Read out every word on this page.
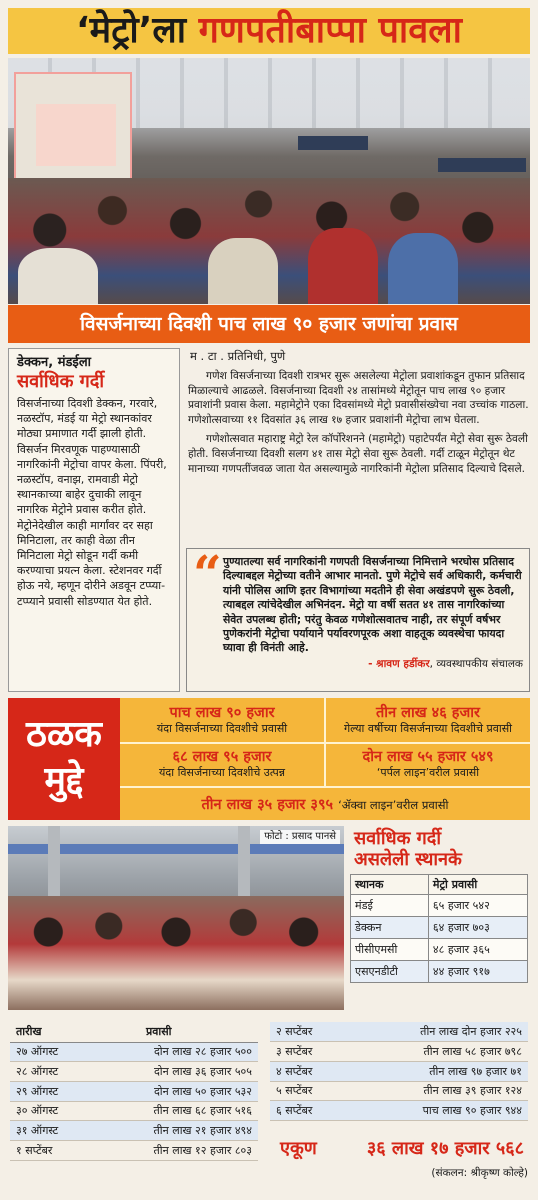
‘मेट्रो’ला गणपतीबाप्पा पावला
विसर्जनाच्या दिवशी पाच लाख ९० हजार जणांचा प्रवास
डेक्कन, मंडईला
सर्वाधिक गर्दी
विसर्जनाच्या दिवशी डेक्कन, गरवारे, नळस्टॉप, मंडई या मेट्रो स्थानकांवर मोठ्या प्रमाणात गर्दी झाली होती. विसर्जन मिरवणूक पाहण्यासाठी नागरिकांनी मेट्रोचा वापर केला. पिंपरी, नळस्टॉप, वनाझ, रामवाडी मेट्रो स्थानकाच्या बाहेर दुचाकी लावून नागरिक मेट्रोने प्रवास करीत होते. मेट्रोनेदेखील काही मार्गांवर दर सहा मिनिटाला, तर काही वेळा तीन मिनिटाला मेट्रो सोडून गर्दी कमी करण्याचा प्रयत्न केला. स्टेशनवर गर्दी होऊ नये, म्हणून दोरीने अडवून टप्प्या-टप्प्याने प्रवासी सोडण्यात येत होते.
म . टा . प्रतिनिधी, पुणे

गणेश विसर्जनाच्या दिवशी रात्रभर सुरू असलेल्या मेट्रोला प्रवाशांकडून तुफान प्रतिसाद मिळाल्याचे आढळले. विसर्जनाच्या दिवशी २४ तासांमध्ये मेट्रोतून पाच लाख ९० हजार प्रवाशांनी प्रवास केला. महामेट्रोने एका दिवसांमध्ये मेट्रो प्रवासीसंख्येचा नवा उच्चांक गाठला. गणेशोत्सवाच्या ११ दिवसांत ३६ लाख १७ हजार प्रवाशांनी मेट्रोचा लाभ घेतला.

गणेशोत्सवात महाराष्ट्र मेट्रो रेल कॉर्पोरेशनने (महामेट्रो) पहाटेपर्यंत मेट्रो सेवा सुरू ठेवली होती. विसर्जनाच्या दिवशी सलग ४१ तास मेट्रो सेवा सुरू ठेवली. गर्दी टाळून मेट्रोतून थेट मानाच्या गणपतींजवळ जाता येत असल्यामुळे नागरिकांनी मेट्रोला प्रतिसाद दिल्याचे दिसले.

“ पुण्यातल्या सर्व नागरिकांनी गणपती विसर्जनाच्या निमित्ताने भरघोस प्रतिसाद दिल्याबद्दल मेट्रोच्या वतीने आभार मानतो. पुणे मेट्रोचे सर्व अधिकारी, कर्मचारी यांनी पोलिस आणि इतर विभागांच्या मदतीने ही सेवा अखंडपणे सुरू ठेवली, त्याबद्दल त्यांचेदेखील अभिनंदन. मेट्रो या वर्षी सतत ४१ तास नागरिकांच्या सेवेत उपलब्ध होती; परंतु केवळ गणेशोत्सवातच नाही, तर संपूर्ण वर्षभर पुणेकरांनी मेट्रोचा पर्यायाने पर्यावरणपूरक अशा वाहतूक व्यवस्थेचा फायदा घ्यावा ही विनंती आहे.
- श्रावण हर्डीकर, व्यवस्थापकीय संचालक
ठळक
मुद्दे
पाच लाख ९० हजार
यंदा विसर्जनाच्या दिवशीचे प्रवासी
तीन लाख ४६ हजार
गेल्या वर्षीच्या विसर्जनाच्या दिवशीचे प्रवासी
६८ लाख ९५ हजार
यंदा विसर्जनाच्या दिवशीचे उत्पन्न
दोन लाख ५५ हजार ५४९
‘पर्पल लाइन’वरील प्रवासी
तीन लाख ३५ हजार ३९५ ‘ॲक्वा लाइन’वरील प्रवासी
फोटो : प्रसाद पानसे सर्वाधिक गर्दी
असलेली स्थानके
स्थानक	मेट्रो प्रवासी
मंडई	६५ हजार ५४२
डेक्कन	६४ हजार ७०३
पीसीएमसी	४८ हजार ३६५
एसएनडीटी	४४ हजार ९१७
तारीख	प्रवासी
२७ ऑगस्ट	दोन लाख २८ हजार ५००
२८ ऑगस्ट	दोन लाख ३६ हजार ५०५
२९ ऑगस्ट	दोन लाख ५० हजार ५३२
३० ऑगस्ट	तीन लाख ६८ हजार ५१६
३१ ऑगस्ट	तीन लाख २१ हजार ४९४
१ सप्टेंबर	तीन लाख १२ हजार ८०३
२ सप्टेंबर	तीन लाख दोन हजार २२५
३ सप्टेंबर	तीन लाख ५८ हजार ७९८
४ सप्टेंबर	तीन लाख ९७ हजार ७१
५ सप्टेंबर	तीन लाख ३९ हजार १२४
६ सप्टेंबर	पाच लाख ९० हजार ९४४
एकूण	३६ लाख १७ हजार ५६८
(संकलन: श्रीकृष्ण कोल्हे)
